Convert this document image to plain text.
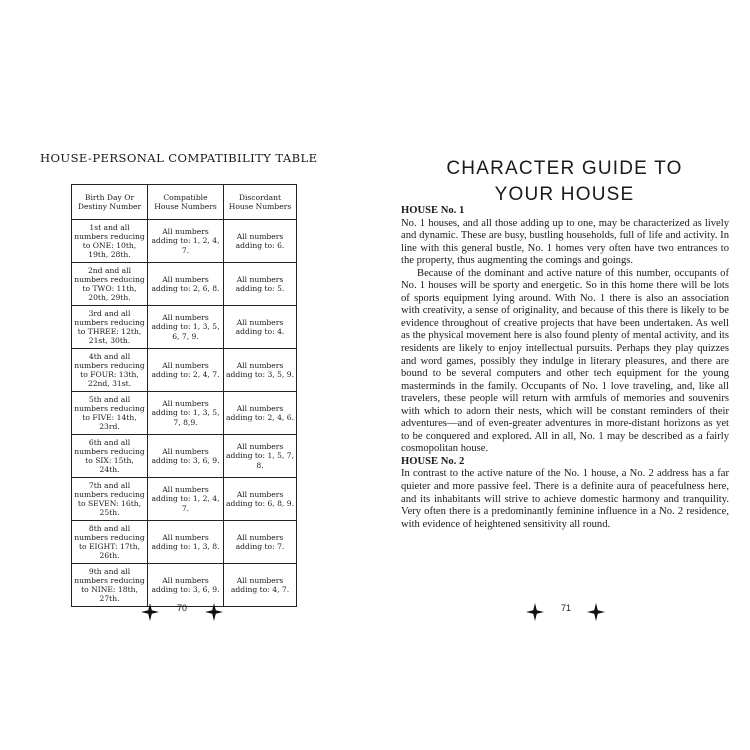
HOUSE-PERSONAL COMPATIBILITY TABLE
Birth Day Or Destiny Number	Compatible House Numbers	Discordant House Numbers
1st and all numbers reducing to ONE: 10th, 19th, 28th.	All numbers adding to: 1, 2, 4, 7.	All numbers adding to: 6.
2nd and all numbers reducing to TWO: 11th, 20th, 29th.	All numbers adding to: 2, 6, 8.	All numbers adding to: 5.
3rd and all numbers reducing to THREE: 12th, 21st, 30th.	All numbers adding to: 1, 3, 5, 6, 7, 9.	All numbers adding to: 4.
4th and all numbers reducing to FOUR: 13th, 22nd, 31st.	All numbers adding to: 2, 4, 7.	All numbers adding to: 3, 5, 9.
5th and all numbers reducing to FIVE: 14th, 23rd.	All numbers adding to: 1, 3, 5, 7, 8,9.	All numbers adding to: 2, 4, 6.
6th and all numbers reducing to SIX: 15th, 24th.	All numbers adding to: 3, 6, 9.	All numbers adding to: 1, 5, 7, 8.
7th and all numbers reducing to SEVEN: 16th, 25th.	All numbers adding to: 1, 2, 4, 7.	All numbers adding to: 6, 8, 9.
8th and all numbers reducing to EIGHT: 17th, 26th.	All numbers adding to: 1, 3, 8.	All numbers adding to: 7.
9th and all numbers reducing to NINE: 18th, 27th.	All numbers adding to: 3, 6, 9.	All numbers adding to: 4, 7.
70
CHARACTER GUIDE TO YOUR HOUSE

HOUSE No. 1

No. 1 houses, and all those adding up to one, may be characterized as lively and dynamic. These are busy, bustling households, full of life and activity. In line with this general bustle, No. 1 homes very often have two entrances to the property, thus augmenting the comings and goings.

Because of the dominant and active nature of this number, occupants of No. 1 houses will be sporty and energetic. So in this home there will be lots of sports equipment lying around. With No. 1 there is also an association with creativity, a sense of originality, and because of this there is likely to be evidence throughout of creative projects that have been undertaken. As well as the physical movement here is also found plenty of mental activity, and its residents are likely to enjoy intellectual pursuits. Perhaps they play quizzes and word games, possibly they indulge in literary pleasures, and there are bound to be several computers and other tech equipment for the young masterminds in the family. Occupants of No. 1 love traveling, and, like all travelers, these people will return with armfuls of memories and souvenirs with which to adorn their nests, which will be constant reminders of their adventures—and of even-greater adventures in more-distant horizons as yet to be conquered and explored. All in all, No. 1 may be described as a fairly cosmopolitan house.

HOUSE No. 2

In contrast to the active nature of the No. 1 house, a No. 2 address has a far quieter and more passive feel. There is a definite aura of peacefulness here, and its inhabitants will strive to achieve domestic harmony and tranquility. Very often there is a predominantly feminine influence in a No. 2 residence, with evidence of heightened sensitivity all round.

71
